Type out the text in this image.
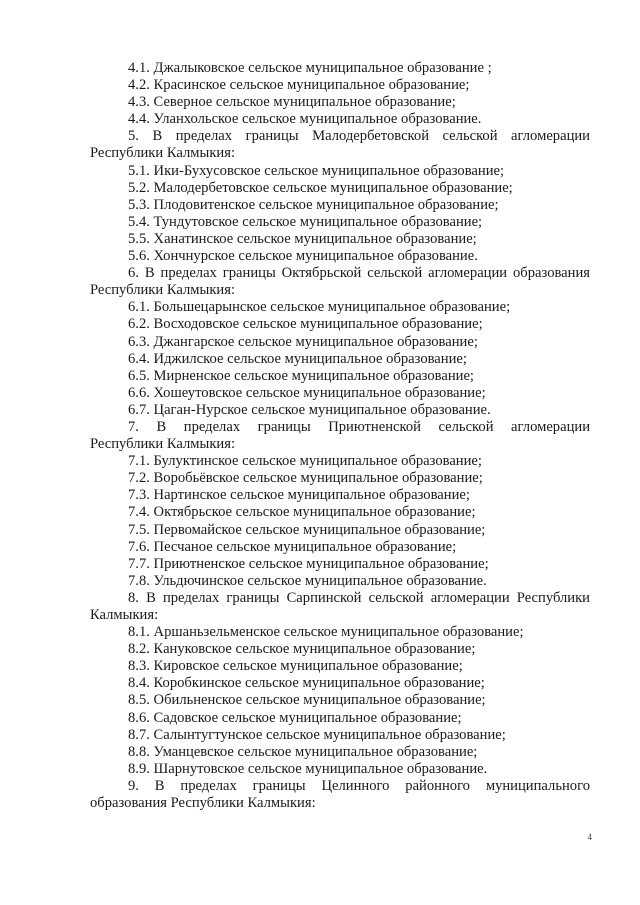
4.1. Джалыковское сельское муниципальное образование ;
4.2. Красинское сельское муниципальное образование;
4.3. Северное сельское муниципальное образование;
4.4. Уланхольское сельское муниципальное образование.
5. В пределах границы Малодербетовской сельской агломерации
Республики Калмыкия:
5.1. Ики-Бухусовское сельское муниципальное образование;
5.2. Малодербетовское сельское муниципальное образование;
5.3. Плодовитенское сельское муниципальное образование;
5.4. Тундутовское сельское муниципальное образование;
5.5. Ханатинское сельское муниципальное образование;
5.6. Хончнурское сельское муниципальное образование.
6. В пределах границы Октябрьской сельской агломерации образования
Республики Калмыкия:
6.1. Большецарынское сельское муниципальное образование;
6.2. Восходовское сельское муниципальное образование;
6.3. Джангарское сельское муниципальное образование;
6.4. Иджилское сельское муниципальное образование;
6.5. Мирненское сельское муниципальное образование;
6.6. Хошеутовское сельское муниципальное образование;
6.7. Цаган-Нурское сельское муниципальное образование.
7. В пределах границы Приютненской сельской агломерации
Республики Калмыкия:
7.1. Булуктинское сельское муниципальное образование;
7.2. Воробьёвское сельское муниципальное образование;
7.3. Нартинское сельское муниципальное образование;
7.4. Октябрьское сельское муниципальное образование;
7.5. Первомайское сельское муниципальное образование;
7.6. Песчаное сельское муниципальное образование;
7.7. Приютненское сельское муниципальное образование;
7.8. Ульдючинское сельское муниципальное образование.
8. В пределах границы Сарпинской сельской агломерации Республики
Калмыкия:
8.1. Аршаньзельменское сельское муниципальное образование;
8.2. Кануковское сельское муниципальное образование;
8.3. Кировское сельское муниципальное образование;
8.4. Коробкинское сельское муниципальное образование;
8.5. Обильненское сельское муниципальное образование;
8.6. Садовское сельское муниципальное образование;
8.7. Салынтугтунское сельское муниципальное образование;
8.8. Уманцевское сельское муниципальное образование;
8.9. Шарнутовское сельское муниципальное образование.
9. В пределах границы Целинного районного муниципального
образования Республики Калмыкия:
4
